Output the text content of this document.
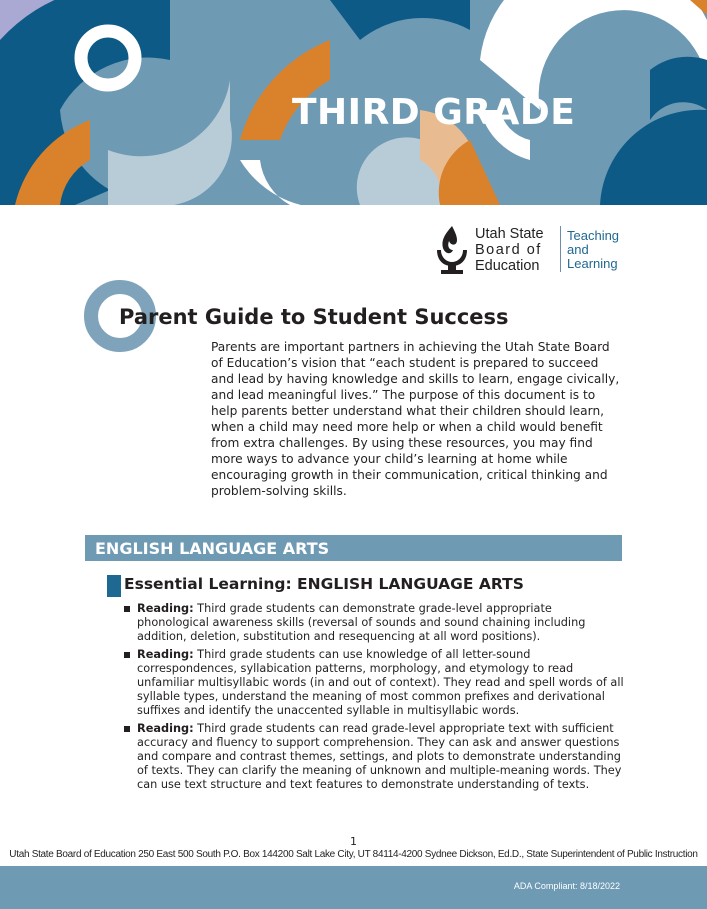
THIRD GRADE
Utah State
Board of
Education
Teaching
and
Learning
Parent Guide to Student Success

Parents are important partners in achieving the Utah State Board of Education’s vision that “each student is prepared to succeed and lead by having knowledge and skills to learn, engage civically, and lead meaningful lives.” The purpose of this document is to help parents better understand what their children should learn, when a child may need more help or when a child would benefit from extra challenges. By using these resources, you may find more ways to advance your child’s learning at home while encouraging growth in their communication, critical thinking and problem-solving skills.

ENGLISH LANGUAGE ARTS
Essential Learning: ENGLISH LANGUAGE ARTS
Reading: Third grade students can demonstrate grade-level appropriate phonological awareness skills (reversal of sounds and sound chaining including addition, deletion, substitution and resequencing at all word positions).
Reading: Third grade students can use knowledge of all letter-sound correspondences, syllabication patterns, morphology, and etymology to read unfamiliar multisyllabic words (in and out of context). They read and spell words of all syllable types, understand the meaning of most common prefixes and derivational suffixes and identify the unaccented syllable in multisyllabic words.
Reading: Third grade students can read grade-level appropriate text with sufficient accuracy and fluency to support comprehension. They can ask and answer questions and compare and contrast themes, settings, and plots to demonstrate understanding of texts. They can clarify the meaning of unknown and multiple-meaning words. They can use text structure and text features to demonstrate understanding of texts.
1
Utah State Board of Education 250 East 500 South P.O. Box 144200 Salt Lake City, UT 84114-4200 Sydnee Dickson, Ed.D., State Superintendent of Public Instruction
ADA Compliant: 8/18/2022
